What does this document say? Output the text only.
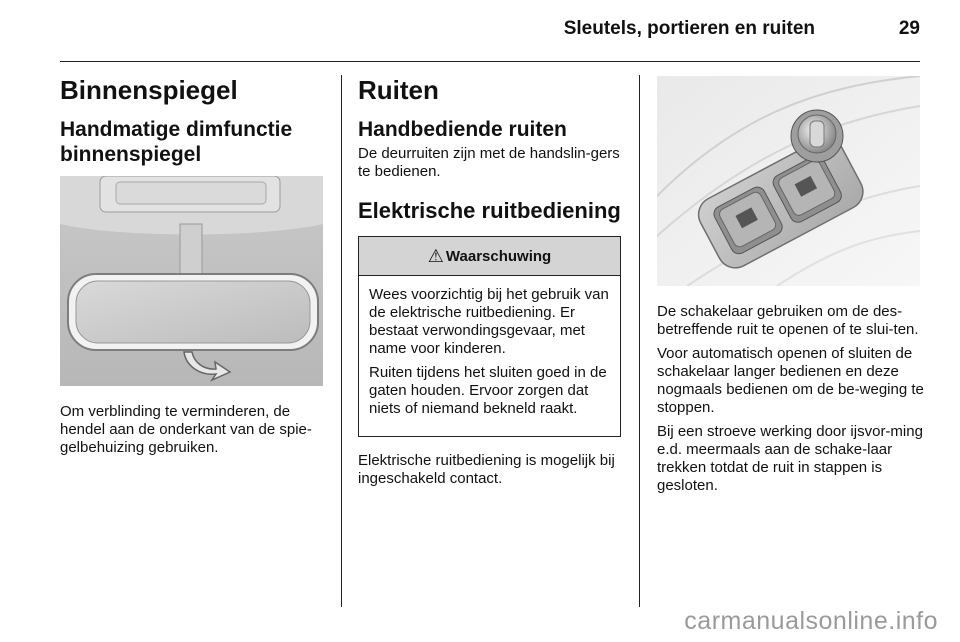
Sleutels, portieren en ruiten	29
Binnenspiegel
Handmatige dimfunctie binnenspiegel

Om verblinding te verminderen, de hendel aan de onderkant van de spie-gelbehuizing gebruiken.

Ruiten
Handbediende ruiten

De deurruiten zijn met de handslin-gers te bedienen.

Elektrische ruitbediening
⚠ Waarschuwing

Wees voorzichtig bij het gebruik van de elektrische ruitbediening. Er bestaat verwondingsgevaar, met name voor kinderen.

Ruiten tijdens het sluiten goed in de gaten houden. Ervoor zorgen dat niets of niemand bekneld raakt.

Elektrische ruitbediening is mogelijk bij ingeschakeld contact.

De schakelaar gebruiken om de des-betreffende ruit te openen of te slui-ten.

Voor automatisch openen of sluiten de schakelaar langer bedienen en deze nogmaals bedienen om de be-weging te stoppen.

Bij een stroeve werking door ijsvor-ming e.d. meermaals aan de schake-laar trekken totdat de ruit in stappen is gesloten.

carmanualsonline.info
